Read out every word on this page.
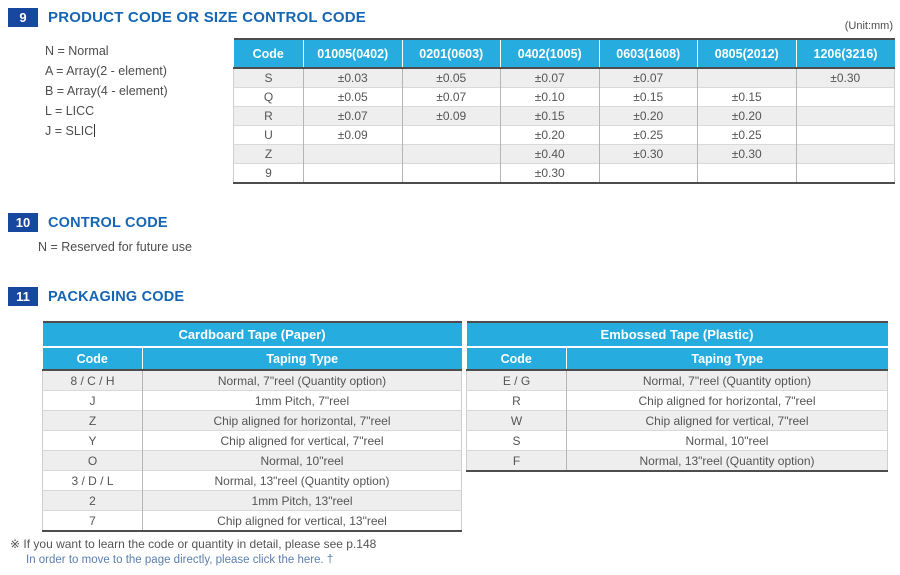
9	PRODUCT CODE OR SIZE CONTROL CODE	(Unit:mm)
N = Normal
A = Array(2 - element)
B = Array(4 - element)
L = LICC
J = SLIC
Code	01005(0402)	0201(0603)	0402(1005)	0603(1608)	0805(2012)	1206(3216)
S	±0.03	±0.05	±0.07	±0.07		±0.30
Q	±0.05	±0.07	±0.10	±0.15	±0.15	
R	±0.07	±0.09	±0.15	±0.20	±0.20	
U	±0.09		±0.20	±0.25	±0.25	
Z			±0.40	±0.30	±0.30	
9			±0.30			
10	CONTROL CODE
N = Reserved for future use
11	PACKAGING CODE
Cardboard Tape (Paper)	
Code	Taping Type
8 / C / H	Normal, 7"reel (Quantity option)
J	1mm Pitch, 7"reel
Z	Chip aligned for horizontal, 7"reel
Y	Chip aligned for vertical, 7"reel
O	Normal, 10"reel
3 / D / L	Normal, 13"reel (Quantity option)
2	1mm Pitch, 13"reel
7	Chip aligned for vertical, 13"reel
Embossed Tape (Plastic)	
Code	Taping Type
E / G	Normal, 7"reel (Quantity option)
R	Chip aligned for horizontal, 7"reel
W	Chip aligned for vertical, 7"reel
S	Normal, 10"reel
F	Normal, 13"reel (Quantity option)
※ If you want to learn the code or quantity in detail, please see p.148
In order to move to the page directly, please click the here. †
